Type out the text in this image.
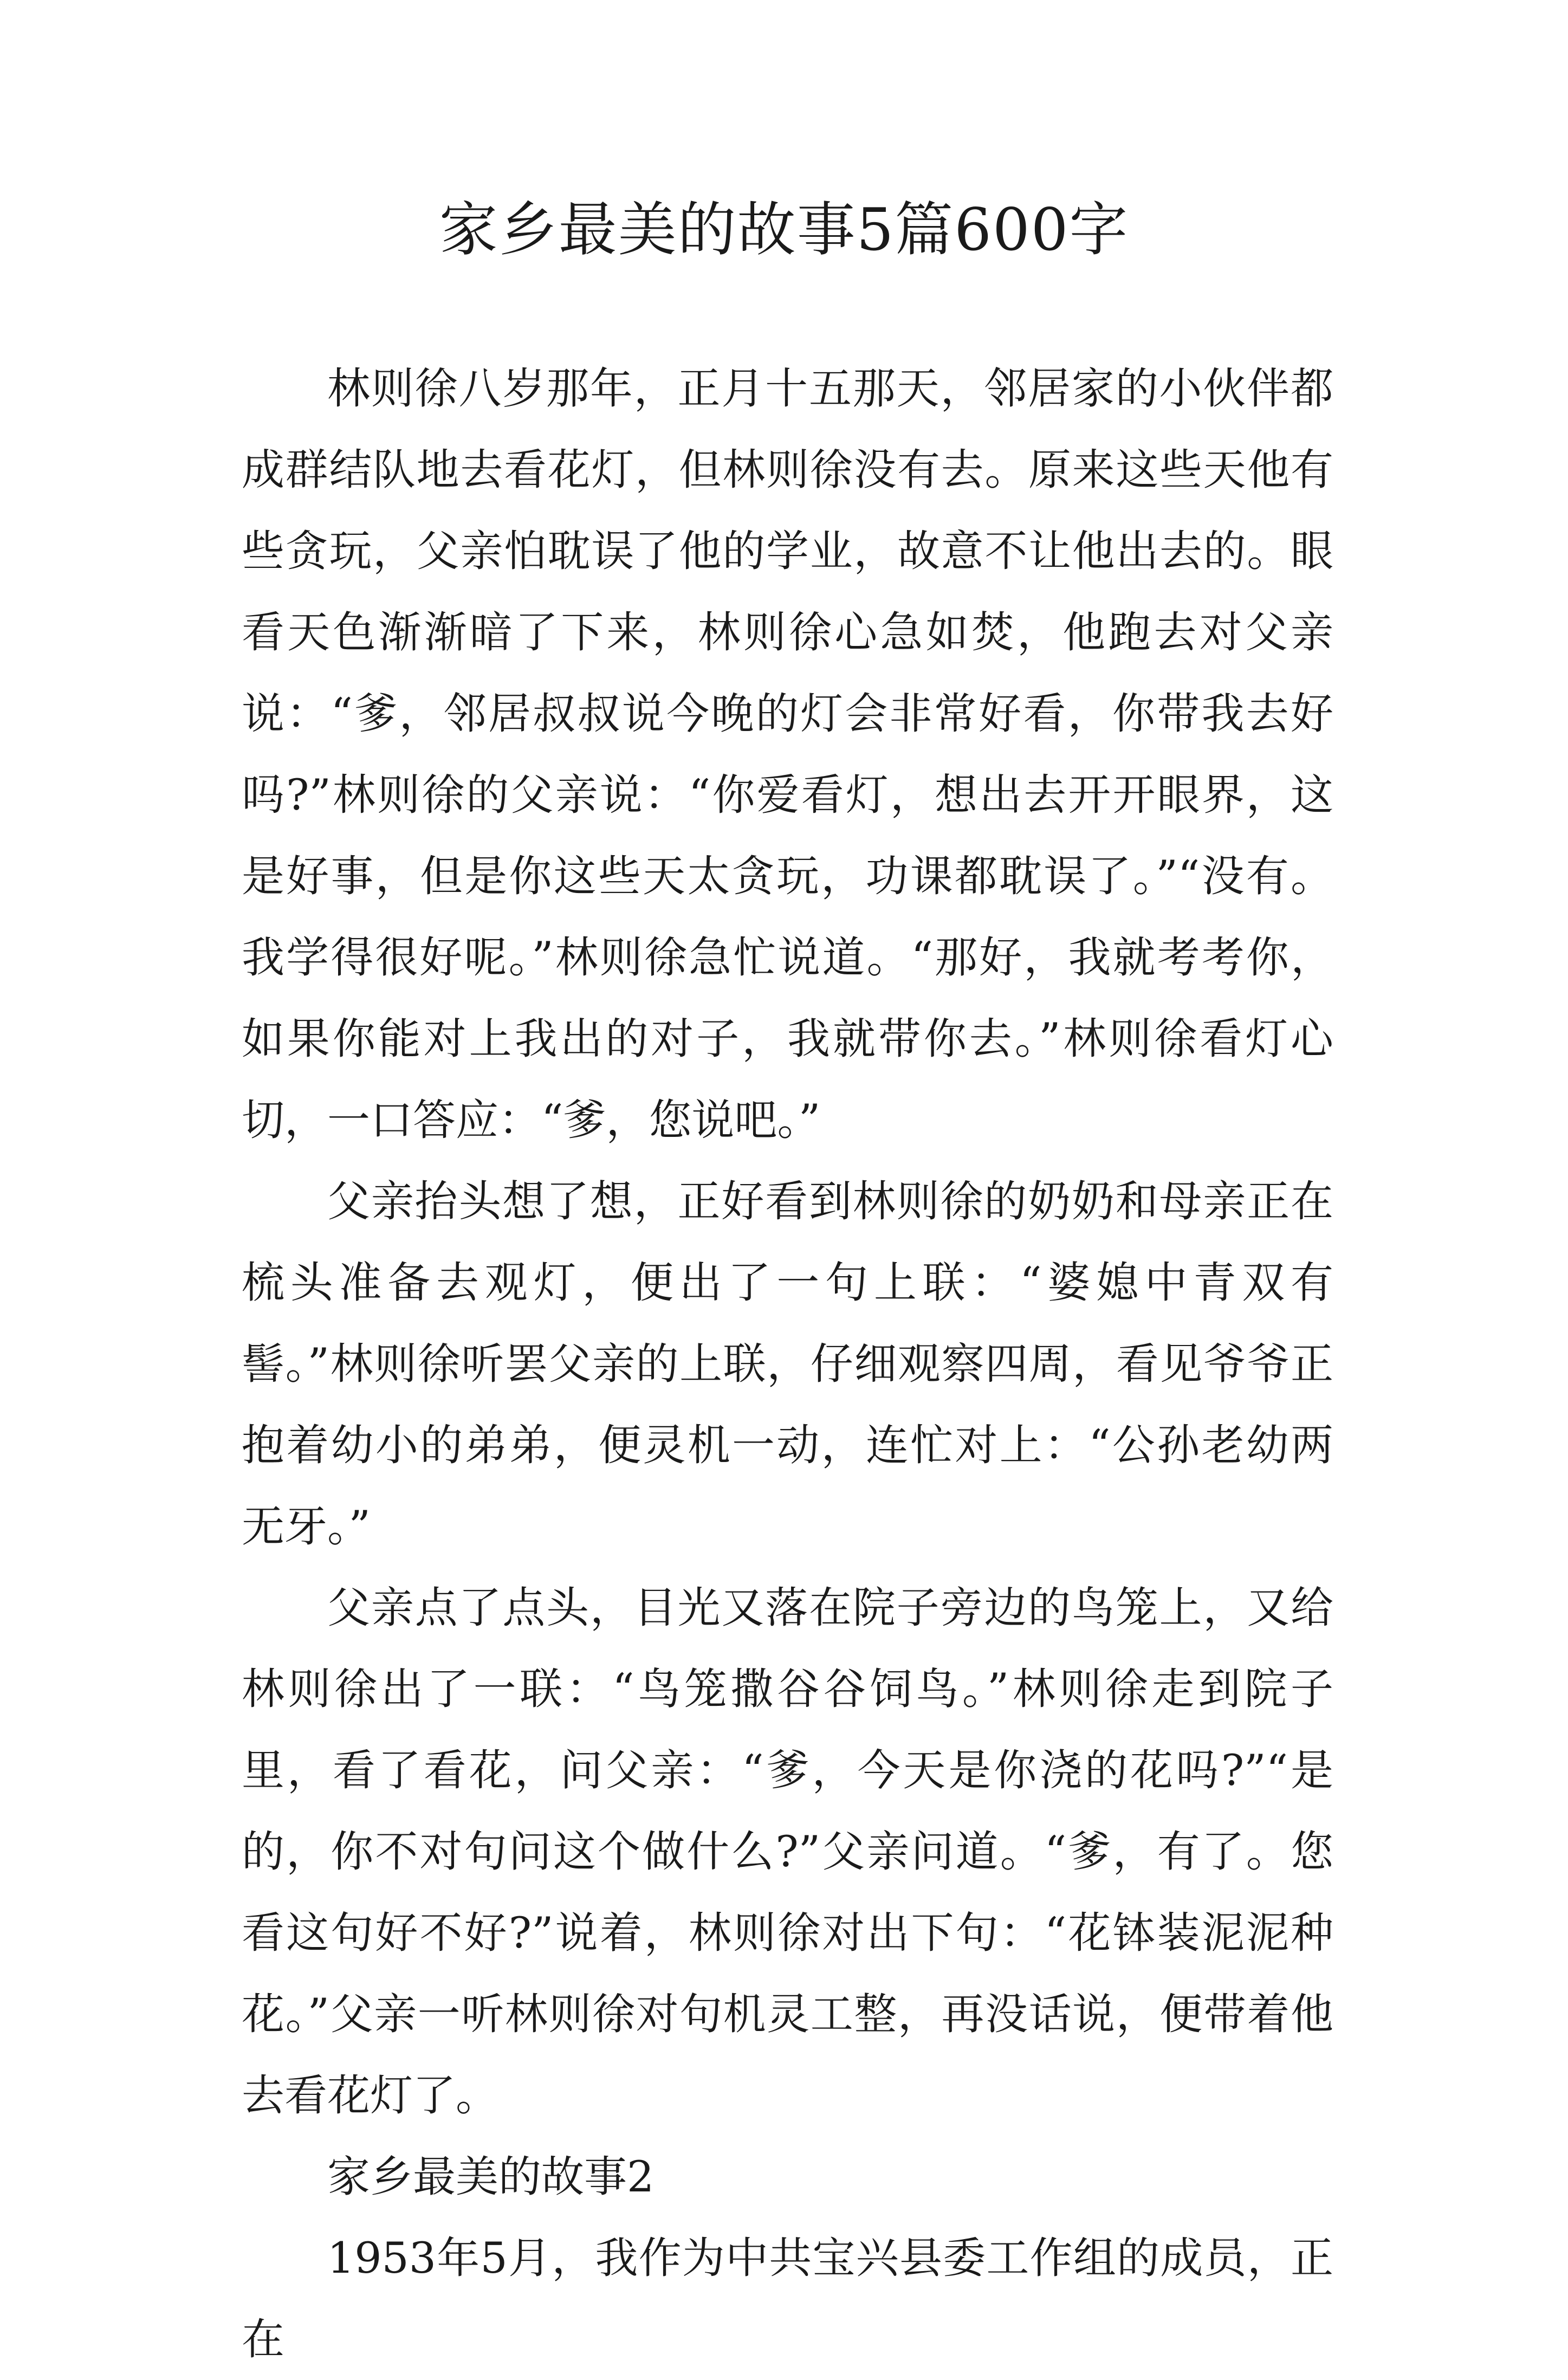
家乡最美的故事5篇600字

林则徐八岁那年，正月十五那天，邻居家的小伙伴都成群结队地去看花灯，但林则徐没有去。原来这些天他有些贪玩，父亲怕耽误了他的学业，故意不让他出去的。眼看天色渐渐暗了下来，林则徐心急如焚，他跑去对父亲说：“爹，邻居叔叔说今晚的灯会非常好看，你带我去好吗?”林则徐的父亲说：“你爱看灯，想出去开开眼界，这是好事，但是你这些天太贪玩，功课都耽误了。”“没有。我学得很好呢。”林则徐急忙说道。“那好，我就考考你，如果你能对上我出的对子，我就带你去。”林则徐看灯心切，一口答应：“爹，您说吧。”

父亲抬头想了想，正好看到林则徐的奶奶和母亲正在梳头准备去观灯，便出了一句上联：“婆媳中青双有髻。”林则徐听罢父亲的上联，仔细观察四周，看见爷爷正抱着幼小的弟弟，便灵机一动，连忙对上：“公孙老幼两无牙。”

父亲点了点头，目光又落在院子旁边的鸟笼上，又给林则徐出了一联：“鸟笼撒谷谷饲鸟。”林则徐走到院子里，看了看花，问父亲：“爹，今天是你浇的花吗?”“是的，你不对句问这个做什么?”父亲问道。“爹，有了。您看这句好不好?”说着，林则徐对出下句：“花钵装泥泥种花。”父亲一听林则徐对句机灵工整，再没话说，便带着他去看花灯了。

家乡最美的故事2

1953年5月，我作为中共宝兴县委工作组的成员，正在
